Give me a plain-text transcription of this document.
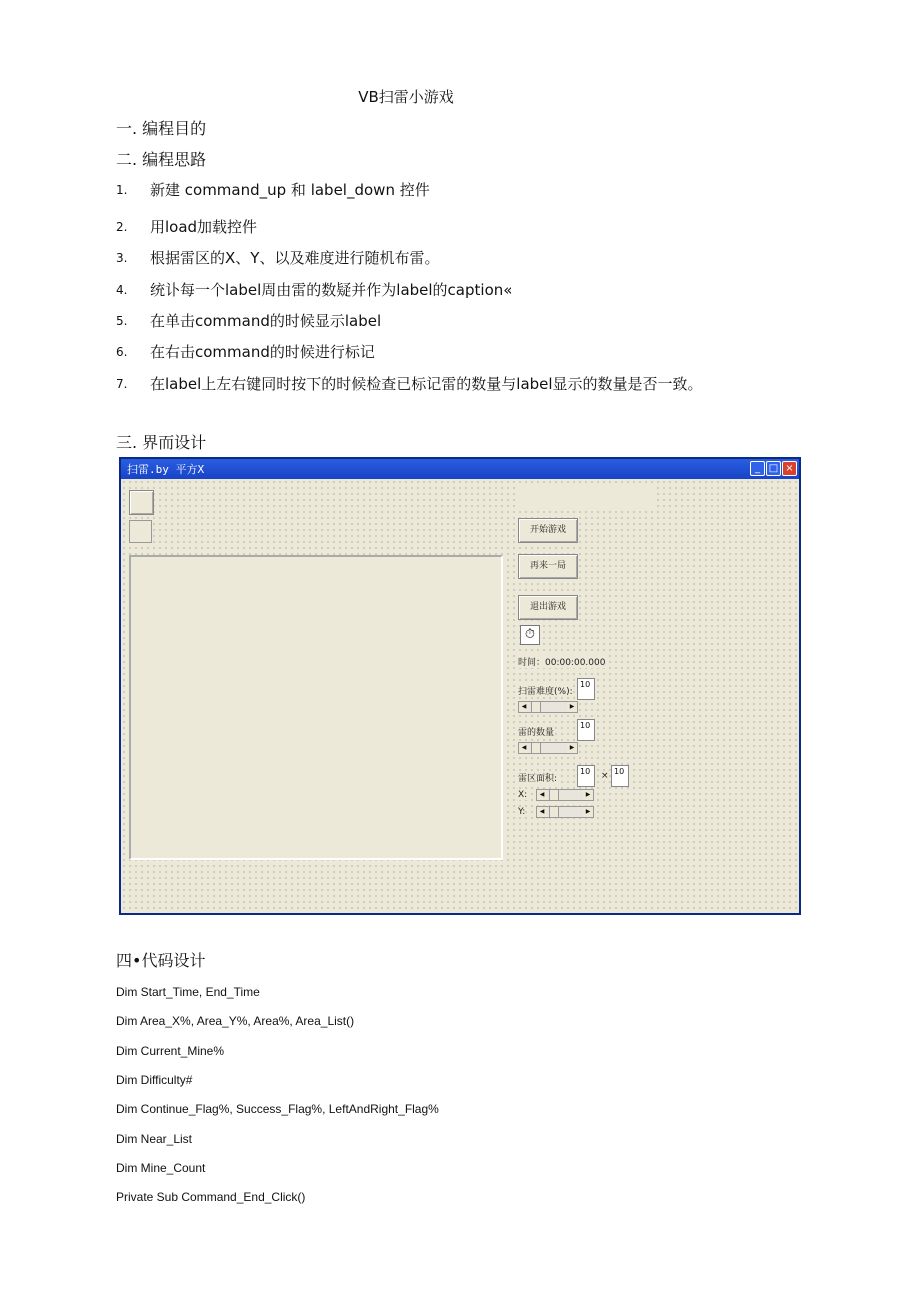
VB扫雷小游戏
一. 编程目的
二. 编程思路
1. 新建 command_up 和 label_down 控件
2. 用load加载控件
3. 根据雷区的X、Y、以及难度进行随机布雷。
4. 统讣每一个label周由雷的数疑并作为label的caption«
5. 在单击command的时候显示label
6. 在右击command的时候进行标记
7. 在label上左右键同时按下的时候检查已标记雷的数量与label显示的数量是否一致。
三. 界而设计
扫雷.by 平方X	_ □ ×
开始游戏
再来一局
退出游戏
⏱
时间：00:00:00.000
扫雷难度(%):
10
◀	▶
雷的数量
10
◀	▶
雷区面积:
10	× 10
X:	◀	▶
Y:	◀	▶
四•代码设计
Dim Start_Time, End_Time
Dim Area_X%, Area_Y%, Area%, Area_List()
Dim Current_Mine%
Dim Difficulty#
Dim Continue_Flag%, Success_Flag%, LeftAndRight_Flag%
Dim Near_List
Dim Mine_Count
Private Sub Command_End_Click()
